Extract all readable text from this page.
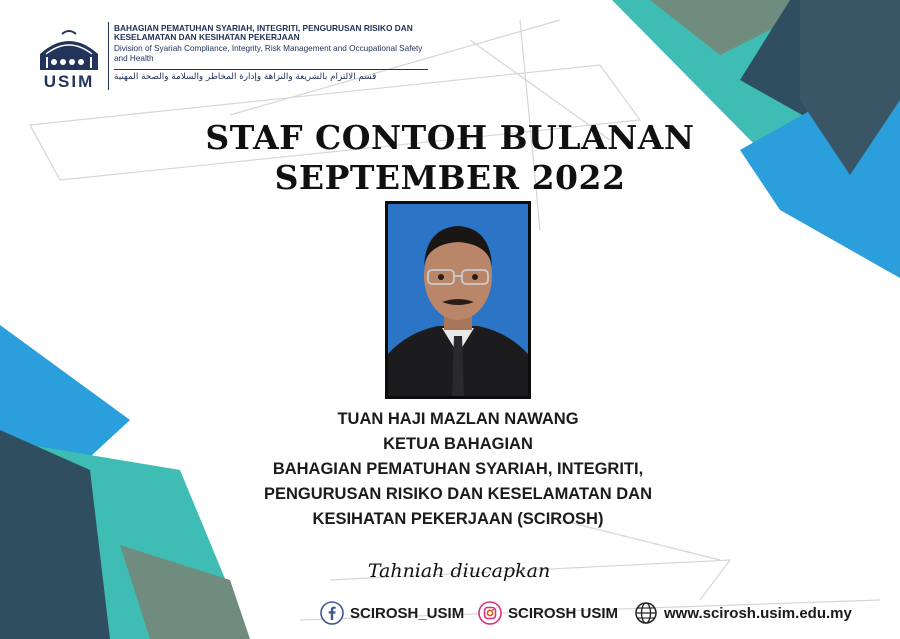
USIM
BAHAGIAN PEMATUHAN SYARIAH, INTEGRITI, PENGURUSAN RISIKO DAN KESELAMATAN DAN KESIHATAN PEKERJAAN
Division of Syariah Compliance, Integrity, Risk Management and Occupational Safety and Health
قسم الالتزام بالشريعة والنزاهة وإدارة المخاطر والسلامة والصحة المهنية
STAF CONTOH BULANAN
SEPTEMBER 2022
TUAN HAJI MAZLAN NAWANG
KETUA BAHAGIAN
BAHAGIAN PEMATUHAN SYARIAH, INTEGRITI,
PENGURUSAN RISIKO DAN KESELAMATAN DAN
KESIHATAN PEKERJAAN (SCIROSH)
Tahniah diucapkan
SCIROSH_USIM	SCIROSH USIM	www.scirosh.usim.edu.my
